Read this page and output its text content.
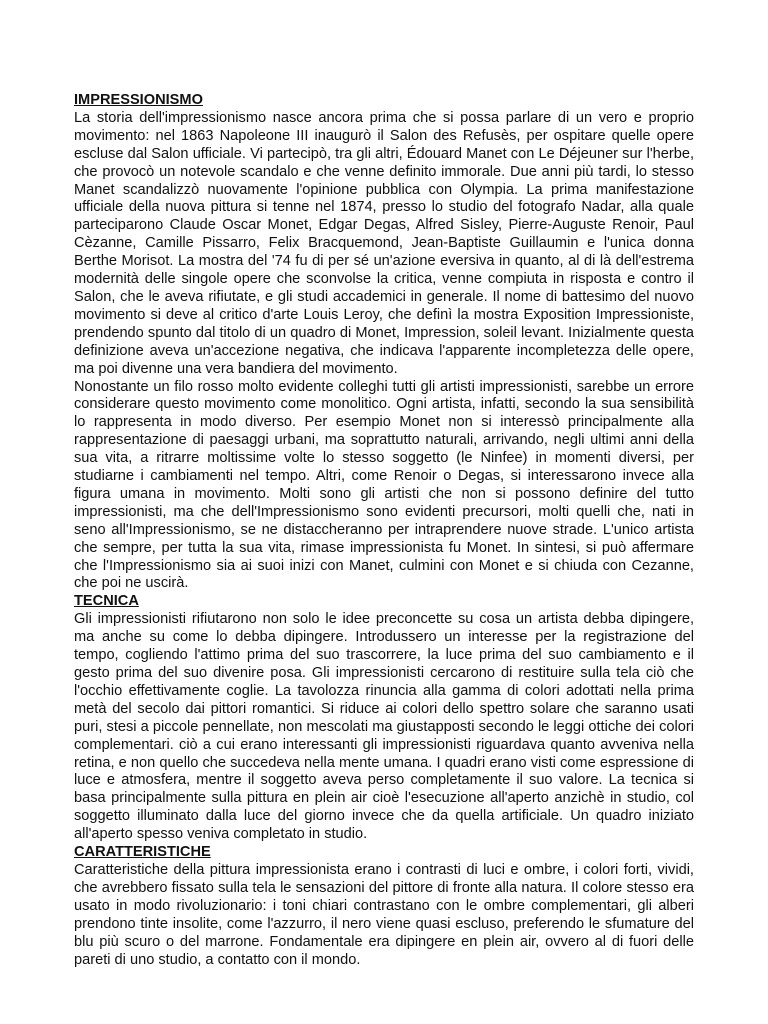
IMPRESSIONISMO

La storia dell'impressionismo nasce ancora prima che si possa parlare di un vero e proprio movimento: nel 1863 Napoleone III inaugurò il Salon des Refusès, per ospitare quelle opere escluse dal Salon ufficiale. Vi partecipò, tra gli altri, Édouard Manet con Le Déjeuner sur l'herbe, che provocò un notevole scandalo e che venne definito immorale. Due anni più tardi, lo stesso Manet scandalizzò nuovamente l'opinione pubblica con Olympia. La prima manifestazione ufficiale della nuova pittura si tenne nel 1874, presso lo studio del fotografo Nadar, alla quale parteciparono Claude Oscar Monet, Edgar Degas, Alfred Sisley, Pierre-Auguste Renoir, Paul Cèzanne, Camille Pissarro, Felix Bracquemond, Jean-Baptiste Guillaumin e l'unica donna Berthe Morisot. La mostra del '74 fu di per sé un'azione eversiva in quanto, al di là dell'estrema modernità delle singole opere che sconvolse la critica, venne compiuta in risposta e contro il Salon, che le aveva rifiutate, e gli studi accademici in generale. Il nome di battesimo del nuovo movimento si deve al critico d'arte Louis Leroy, che definì la mostra Exposition Impressioniste, prendendo spunto dal titolo di un quadro di Monet, Impression, soleil levant. Inizialmente questa definizione aveva un'accezione negativa, che indicava l'apparente incompletezza delle opere, ma poi divenne una vera bandiera del movimento.

Nonostante un filo rosso molto evidente colleghi tutti gli artisti impressionisti, sarebbe un errore considerare questo movimento come monolitico. Ogni artista, infatti, secondo la sua sensibilità lo rappresenta in modo diverso. Per esempio Monet non si interessò principalmente alla rappresentazione di paesaggi urbani, ma soprattutto naturali, arrivando, negli ultimi anni della sua vita, a ritrarre moltissime volte lo stesso soggetto (le Ninfee) in momenti diversi, per studiarne i cambiamenti nel tempo. Altri, come Renoir o Degas, si interessarono invece alla figura umana in movimento. Molti sono gli artisti che non si possono definire del tutto impressionisti, ma che dell'Impressionismo sono evidenti precursori, molti quelli che, nati in seno all'Impressionismo, se ne distaccheranno per intraprendere nuove strade. L'unico artista che sempre, per tutta la sua vita, rimase impressionista fu Monet. In sintesi, si può affermare che l'Impressionismo sia ai suoi inizi con Manet, culmini con Monet e si chiuda con Cezanne, che poi ne uscirà.

TECNICA

Gli impressionisti rifiutarono non solo le idee preconcette su cosa un artista debba dipingere, ma anche su come lo debba dipingere. Introdussero un interesse per la registrazione del tempo, cogliendo l'attimo prima del suo trascorrere, la luce prima del suo cambiamento e il gesto prima del suo divenire posa. Gli impressionisti cercarono di restituire sulla tela ciò che l'occhio effettivamente coglie. La tavolozza rinuncia alla gamma di colori adottati nella prima metà del secolo dai pittori romantici. Si riduce ai colori dello spettro solare che saranno usati puri, stesi a piccole pennellate, non mescolati ma giustapposti secondo le leggi ottiche dei colori complementari. ciò a cui erano interessanti gli impressionisti riguardava quanto avveniva nella retina, e non quello che succedeva nella mente umana. I quadri erano visti come espressione di luce e atmosfera, mentre il soggetto aveva perso completamente il suo valore. La tecnica si basa principalmente sulla pittura en plein air cioè l'esecuzione all'aperto anzichè in studio, col soggetto illuminato dalla luce del giorno invece che da quella artificiale. Un quadro iniziato all'aperto spesso veniva completato in studio.

CARATTERISTICHE

Caratteristiche della pittura impressionista erano i contrasti di luci e ombre, i colori forti, vividi, che avrebbero fissato sulla tela le sensazioni del pittore di fronte alla natura. Il colore stesso era usato in modo rivoluzionario: i toni chiari contrastano con le ombre complementari, gli alberi prendono tinte insolite, come l'azzurro, il nero viene quasi escluso, preferendo le sfumature del blu più scuro o del marrone. Fondamentale era dipingere en plein air, ovvero al di fuori delle pareti di uno studio, a contatto con il mondo.
